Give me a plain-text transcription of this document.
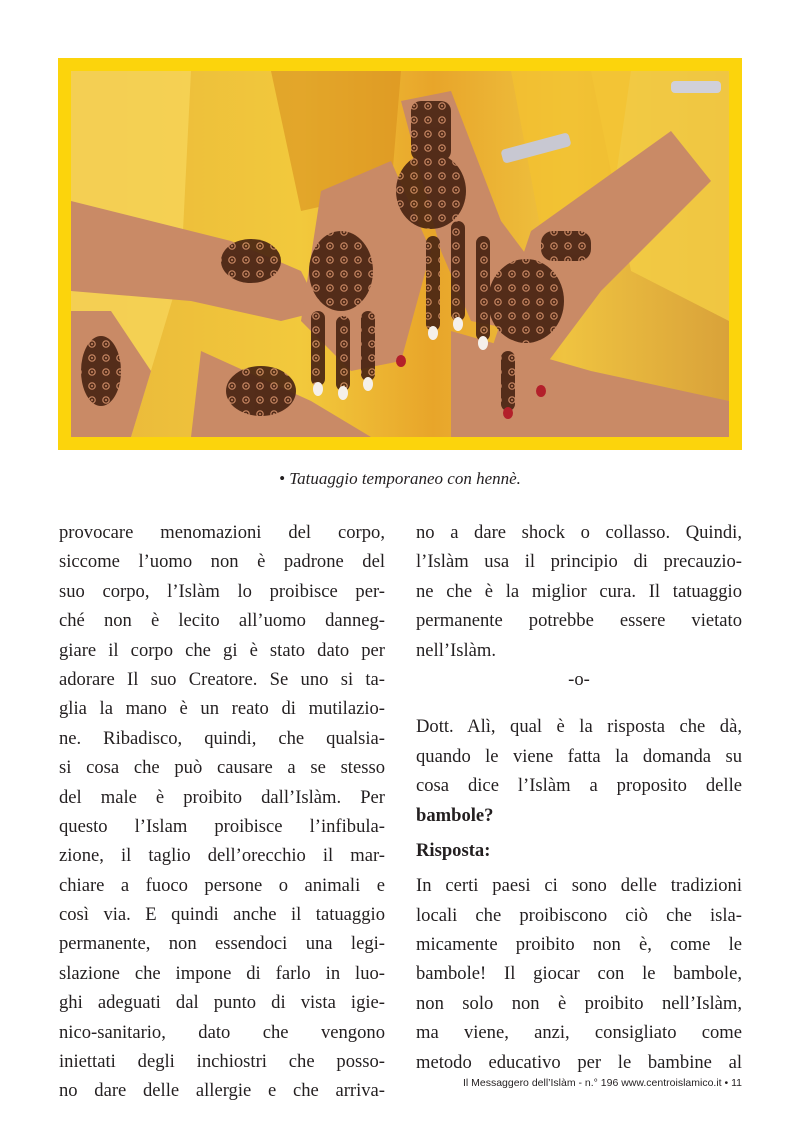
• Tatuaggio temporaneo con hennè.
provocare menomazioni del corpo,
siccome l’uomo non è padrone del
suo corpo, l’Islàm lo proibisce per-
ché non è lecito all’uomo danneg-
giare il corpo che gi è stato dato per
adorare Il suo Creatore. Se uno si ta-
glia la mano è un reato di mutilazio-
ne. Ribadisco, quindi, che qualsia-
si cosa che può causare a se stesso
del male è proibito dall’Islàm. Per
questo l’Islam proibisce l’infibula-
zione, il taglio dell’orecchio il mar-
chiare a fuoco persone o animali e
così via. E quindi anche il tatuaggio
permanente, non essendoci una legi-
slazione che impone di farlo in luo-
ghi adeguati dal punto di vista igie-
nico-sanitario, dato che vengono
iniettati degli inchiostri che posso-
no dare delle allergie e che arriva-
no a dare shock o collasso. Quindi,
l’Islàm usa il principio di precauzio-
ne che è la miglior cura. Il tatuaggio
permanente potrebbe essere vietato
nell’Islàm.
-o-
Dott. Alì, qual è la risposta che dà,
quando le viene fatta la domanda su
cosa dice l’Islàm a proposito delle
bambole?
Risposta:
In certi paesi ci sono delle tradizioni
locali che proibiscono ciò che isla-
micamente proibito non è, come le
bambole! Il giocar con le bambole,
non solo non è proibito nell’Islàm,
ma viene, anzi, consigliato come
metodo educativo per le bambine al
Il Messaggero dell’Islàm - n.° 196 www.centroislamico.it • 11
